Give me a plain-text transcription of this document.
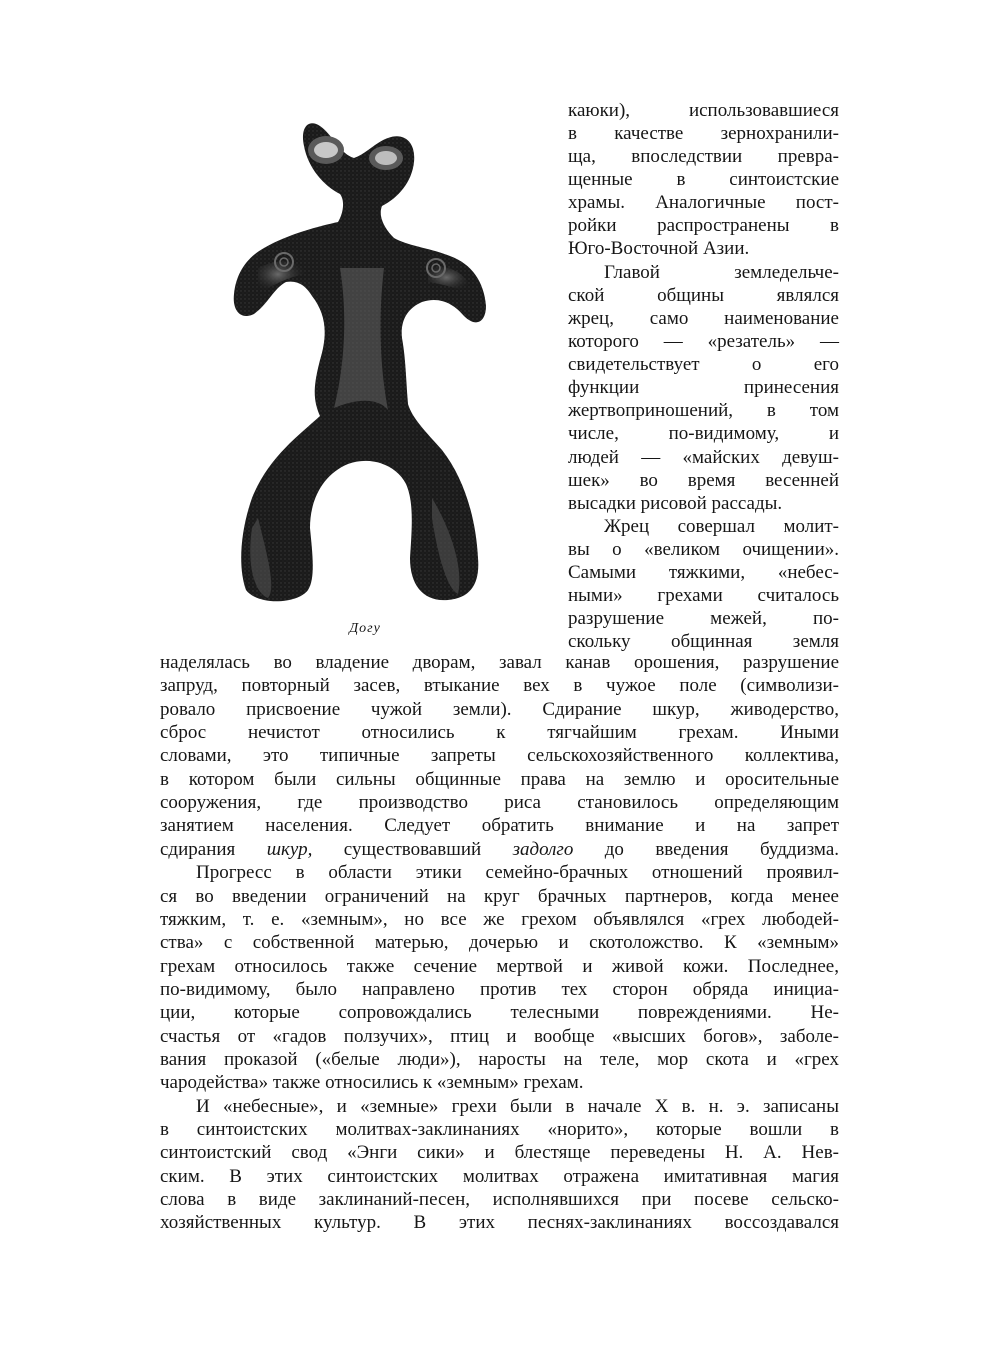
Догу
каюки), использовавшиеся
в качестве зернохранили-
ща, впоследствии превра-
щенные в синтоистские
храмы. Аналогичные пост-
ройки распространены в
Юго-Восточной Азии.
Главой земледельче-
ской общины являлся
жрец, само наименование
которого — «резатель» —
свидетельствует о его
функции принесения
жертвоприношений, в том
числе, по-видимому, и
людей — «майских девуш-
шек» во время весенней
высадки рисовой рассады.
Жрец совершал молит-
вы о «великом очищении».
Самыми тяжкими, «небес-
ными» грехами считалось
разрушение межей, по-
скольку общинная земля
наделялась во владение дворам, завал канав орошения, разрушение
запруд, повторный засев, втыкание вех в чужое поле (символизи-
ровало присвоение чужой земли). Сдирание шкур, живодерство,
сброс нечистот относились к тягчайшим грехам. Иными
словами, это типичные запреты сельскохозяйственного коллектива,
в котором были сильны общинные права на землю и оросительные
сооружения, где производство риса становилось определяющим
занятием населения. Следует обратить внимание и на запрет
сдирания шкур, существовавший задолго до введения буддизма.
Прогресс в области этики семейно-брачных отношений проявил-
ся во введении ограничений на круг брачных партнеров, когда менее
тяжким, т. е. «земным», но все же грехом объявлялся «грех любодей-
ства» с собственной матерью, дочерью и скотоложство. К «земным»
грехам относилось также сечение мертвой и живой кожи. Последнее,
по-видимому, было направлено против тех сторон обряда инициа-
ции, которые сопровождались телесными повреждениями. Не-
счастья от «гадов ползучих», птиц и вообще «высших богов», заболе-
вания проказой («белые люди»), наросты на теле, мор скота и «грех
чародейства» также относились к «земным» грехам.
И «небесные», и «земные» грехи были в начале X в. н. э. записаны
в синтоистских молитвах-заклинаниях «норито», которые вошли в
синтоистский свод «Энги сики» и блестяще переведены Н. А. Нев-
ским. В этих синтоистских молитвах отражена имитативная магия
слова в виде заклинаний-песен, исполнявшихся при посеве сельско-
хозяйственных культур. В этих песнях-заклинаниях воссоздавался
